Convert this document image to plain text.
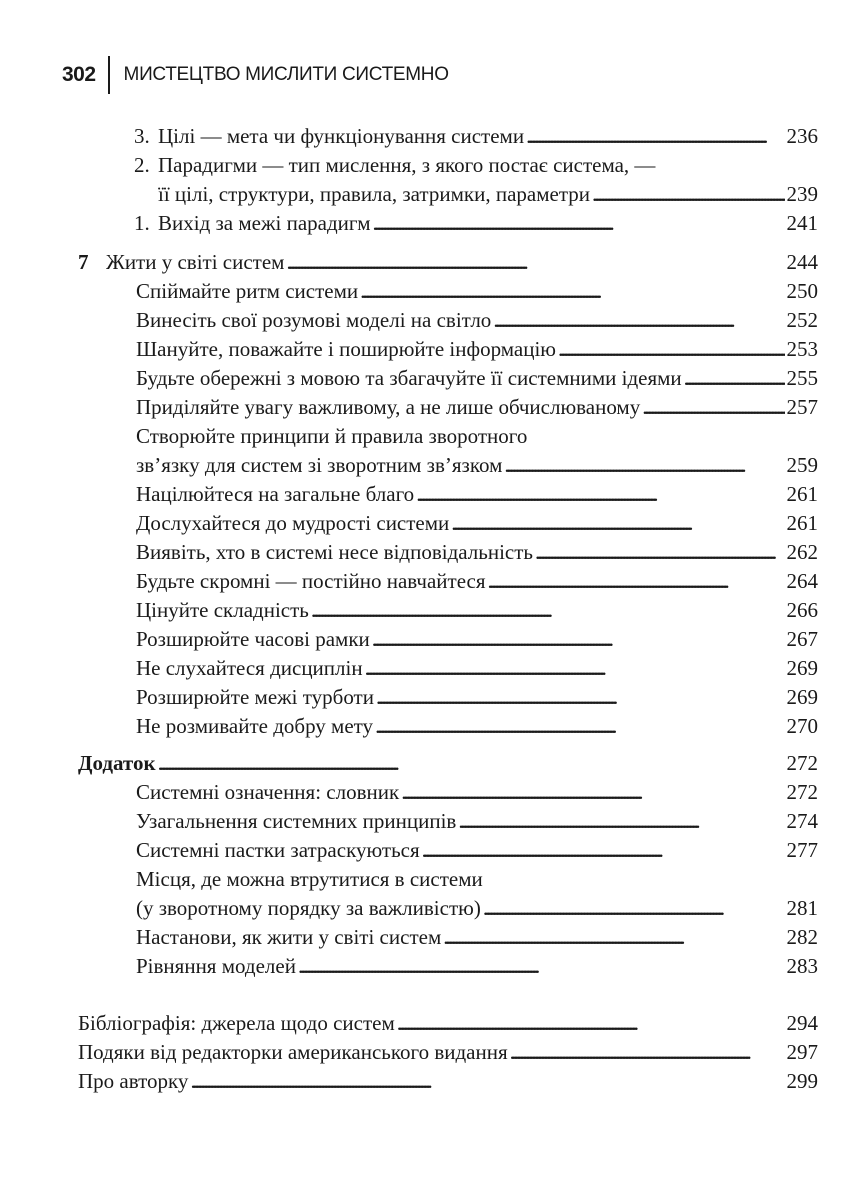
302 МИСТЕЦТВО МИСЛИТИ СИСТЕМНО
3. Цілі — мета чи функціонування системи . . .	236
2. Парадигми — тип мислення, з якого постає система, —
її цілі, структури, правила, затримки, параметри . . .	239
1. Вихід за межі парадигм . . .	241
7 Жити у світі систем . . .	244
Спіймайте ритм системи . . .	250
Винесіть свої розумові моделі на світло . . .	252
Шануйте, поважайте і поширюйте інформацію . . .	253
Будьте обережні з мовою та збагачуйте її системними ідеями . . .	255
Приділяйте увагу важливому, а не лише обчислюваному . . .	257
Створюйте принципи й правила зворотного
зв’язку для систем зі зворотним зв’язком . . .	259
Націлюйтеся на загальне благо . . .	261
Дослухайтеся до мудрості системи . . .	261
Виявіть, хто в системі несе відповідальність . . .	262
Будьте скромні — постійно навчайтеся . . .	264
Цінуйте складність . . .	266
Розширюйте часові рамки . . .	267
Не слухайтеся дисциплін . . .	269
Розширюйте межі турботи . . .	269
Не розмивайте добру мету . . .	270
Додаток . . .	272
Системні означення: словник . . .	272
Узагальнення системних принципів . . .	274
Системні пастки затраскуються . . .	277
Місця, де можна втрутитися в системи
(у зворотному порядку за важливістю) . . .	281
Настанови, як жити у світі систем . . .	282
Рівняння моделей . . .	283
Бібліографія: джерела щодо систем . . .	294
Подяки від редакторки американського видання . . .	297
Про авторку . . .	299
